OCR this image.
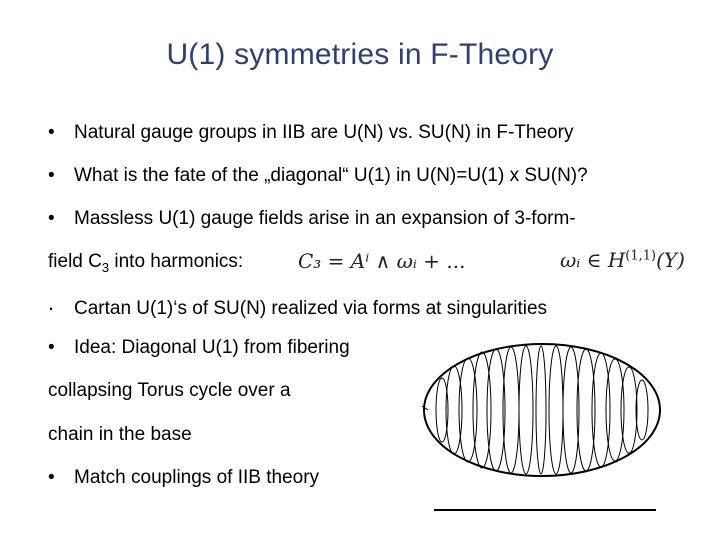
U(1) symmetries in F-Theory
• Natural gauge groups in IIB are U(N) vs. SU(N) in F-Theory
• What is the fate of the „diagonal“ U(1) in U(N)=U(1) x SU(N)?
• Massless U(1) gauge fields arise in an expansion of 3-form-
field $C_3$ into harmonics:	C₃ = Aⁱ ∧ ωᵢ + ...	ωᵢ ∈ H$^{(1,1)}$(Y)
. Cartan U(1)‘s of SU(N) realized via forms at singularities
• Idea: Diagonal U(1) from fibering
collapsing Torus cycle over a
chain in the base
• Match couplings of IIB theory
